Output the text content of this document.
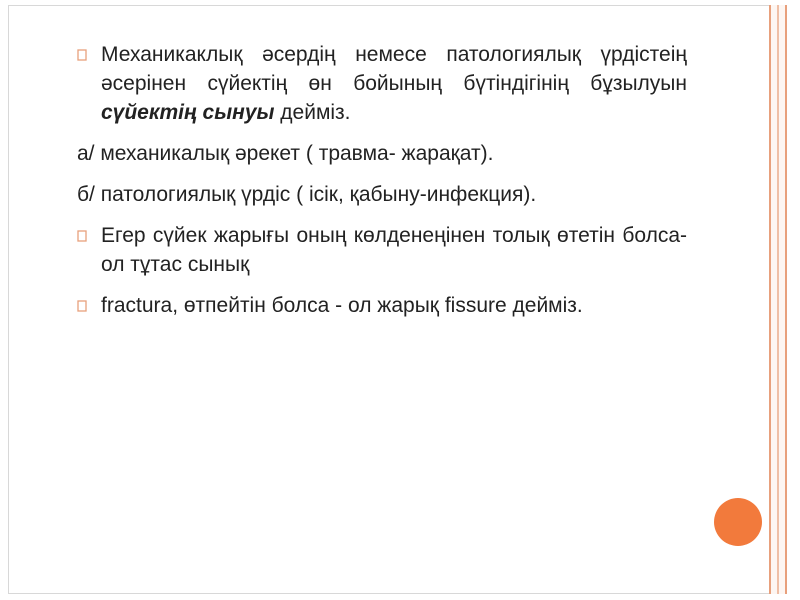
Механикаклық әсердің немесе патологиялық үрдістеің әсерінен сүйектің өн бойының бүтіндігінің бұзылуын сүйектің сынуы дейміз.

а/ механикалық әрекет ( травма- жарақат).

б/ патологиялық үрдіс ( ісік, қабыну-инфекция).

Егер сүйек жарығы оның көлденеңінен толық өтетін болса- ол тұтас сынық

fractura, өтпейтін болса - ол жарық fissure дейміз.
